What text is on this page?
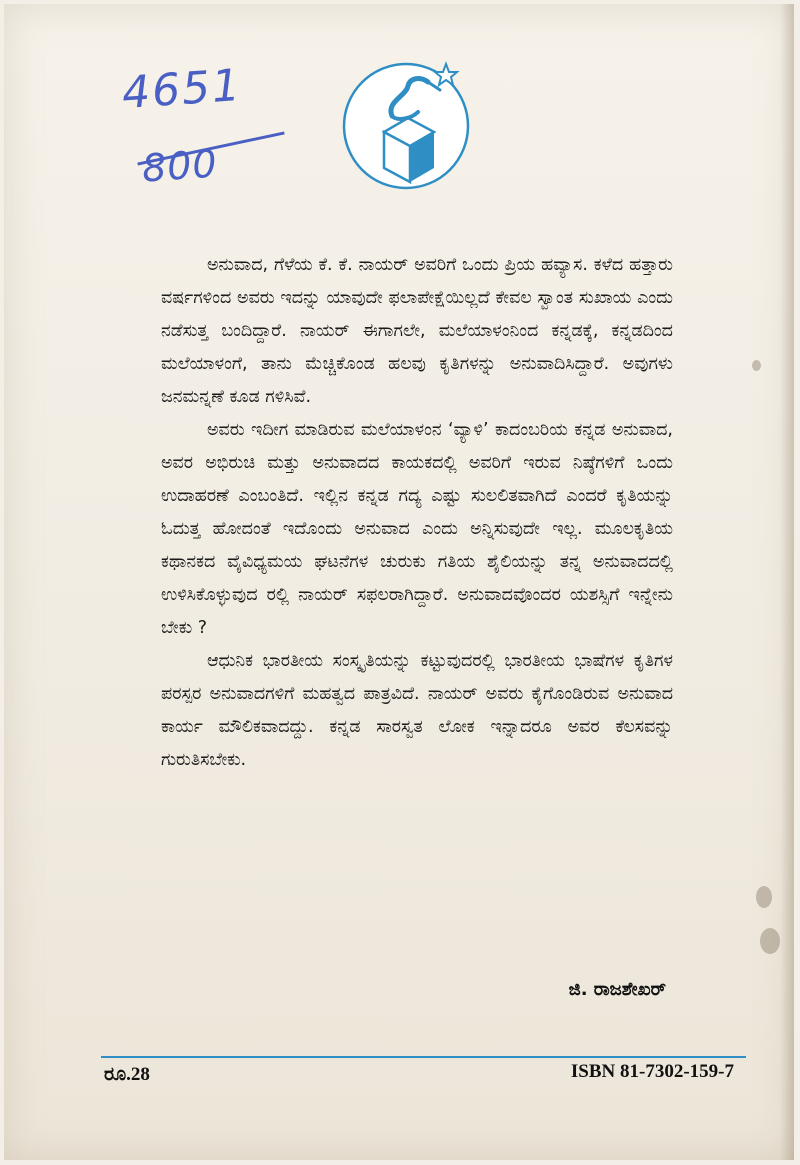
4651
800

ಅನುವಾದ, ಗೆಳೆಯ ಕೆ. ಕೆ. ನಾಯರ್ ಅವರಿಗೆ ಒಂದು ಪ್ರಿಯ ಹವ್ಯಾಸ. ಕಳೆದ ಹತ್ತಾರು ವರ್ಷಗಳಿಂದ ಅವರು ಇದನ್ನು ಯಾವುದೇ ಫಲಾಪೇಕ್ಷೆಯಿಲ್ಲದೆ ಕೇವಲ ಸ್ವಾಂತ ಸುಖಾಯ ಎಂದು ನಡೆಸುತ್ತ ಬಂದಿದ್ದಾರೆ. ನಾಯರ್ ಈಗಾಗಲೇ, ಮಲೆಯಾಳಂನಿಂದ ಕನ್ನಡಕ್ಕೆ, ಕನ್ನಡದಿಂದ ಮಲೆಯಾಳಂಗೆ, ತಾನು ಮೆಚ್ಚಿಕೊಂಡ ಹಲವು ಕೃತಿಗಳನ್ನು ಅನುವಾದಿಸಿದ್ದಾರೆ. ಅವುಗಳು ಜನಮನ್ನಣೆ ಕೂಡ ಗಳಿಸಿವೆ.

ಅವರು ಇದೀಗ ಮಾಡಿರುವ ಮಲೆಯಾಳಂನ ‘ವ್ಯಾಳಿ’ ಕಾದಂಬರಿಯ ಕನ್ನಡ ಅನುವಾದ, ಅವರ ಅಭಿರುಚಿ ಮತ್ತು ಅನುವಾದದ ಕಾಯಕದಲ್ಲಿ ಅವರಿಗೆ ಇರುವ ನಿಷ್ಠೆಗಳಿಗೆ ಒಂದು ಉದಾಹರಣೆ ಎಂಬಂತಿದೆ. ಇಲ್ಲಿನ ಕನ್ನಡ ಗದ್ಯ ಎಷ್ಟು ಸುಲಲಿತವಾಗಿದೆ ಎಂದರೆ ಕೃತಿಯನ್ನು ಓದುತ್ತ ಹೋದಂತೆ ಇದೊಂದು ಅನುವಾದ ಎಂದು ಅನ್ನಿಸುವುದೇ ಇಲ್ಲ. ಮೂಲಕೃತಿಯ ಕಥಾನಕದ ವೈವಿಧ್ಯಮಯ ಘಟನೆಗಳ ಚುರುಕು ಗತಿಯ ಶೈಲಿಯನ್ನು ತನ್ನ ಅನುವಾದದಲ್ಲಿ ಉಳಿಸಿಕೊಳ್ಳುವುದ ರಲ್ಲಿ ನಾಯರ್ ಸಫಲರಾಗಿದ್ದಾರೆ. ಅನುವಾದವೊಂದರ ಯಶಸ್ಸಿಗೆ ಇನ್ನೇನು ಬೇಕು ?

ಆಧುನಿಕ ಭಾರತೀಯ ಸಂಸ್ಕೃತಿಯನ್ನು ಕಟ್ಟುವುದರಲ್ಲಿ ಭಾರತೀಯ ಭಾಷೆಗಳ ಕೃತಿಗಳ ಪರಸ್ಪರ ಅನುವಾದಗಳಿಗೆ ಮಹತ್ವದ ಪಾತ್ರವಿದೆ. ನಾಯರ್ ಅವರು ಕೈಗೊಂಡಿರುವ ಅನುವಾದ ಕಾರ್ಯ ಮೌಲಿಕವಾದದ್ದು. ಕನ್ನಡ ಸಾರಸ್ವತ ಲೋಕ ಇನ್ನಾದರೂ ಅವರ ಕೆಲಸವನ್ನು ಗುರುತಿಸಬೇಕು.

ಜಿ. ರಾಜಶೇಖರ್
ರೂ.28	ISBN 81-7302-159-7
